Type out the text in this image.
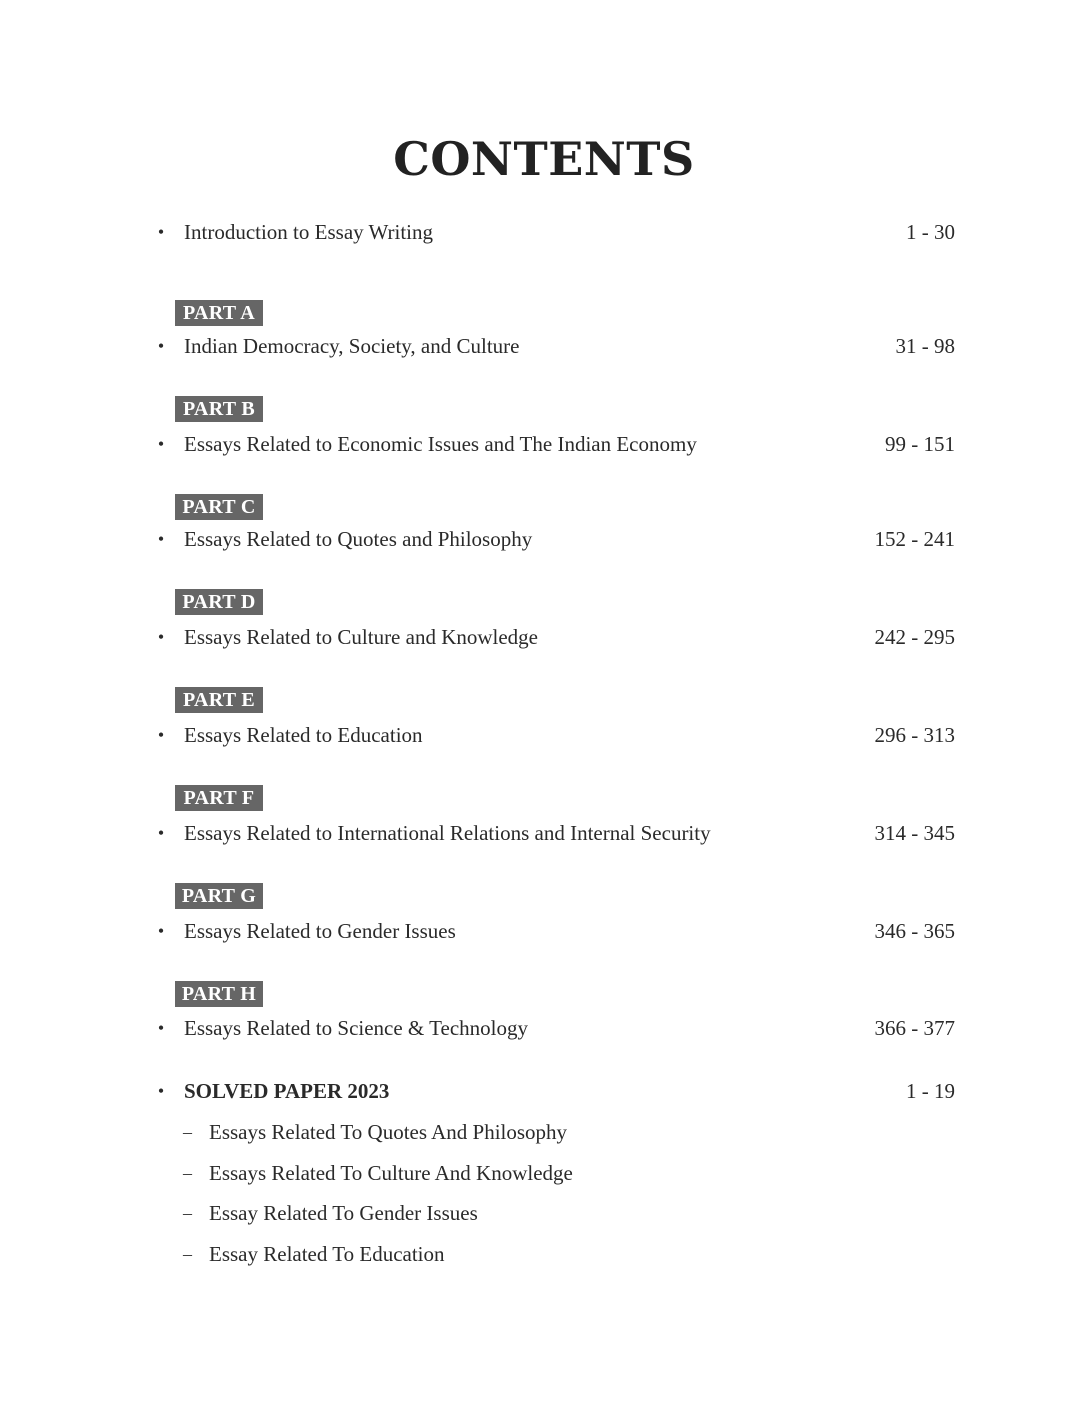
CONTENTS
• Introduction to Essay Writing	1 - 30
PART A
• Indian Democracy, Society, and Culture	31 - 98
PART B
• Essays Related to Economic Issues and The Indian Economy	99 - 151
PART C
• Essays Related to Quotes and Philosophy	152 - 241
PART D
• Essays Related to Culture and Knowledge	242 - 295
PART E
• Essays Related to Education	296 - 313
PART F
• Essays Related to International Relations and Internal Security	314 - 345
PART G
• Essays Related to Gender Issues	346 - 365
PART H
• Essays Related to Science & Technology	366 - 377
• SOLVED PAPER 2023	1 - 19
– Essays Related To Quotes And Philosophy
– Essays Related To Culture And Knowledge
– Essay Related To Gender Issues
– Essay Related To Education
